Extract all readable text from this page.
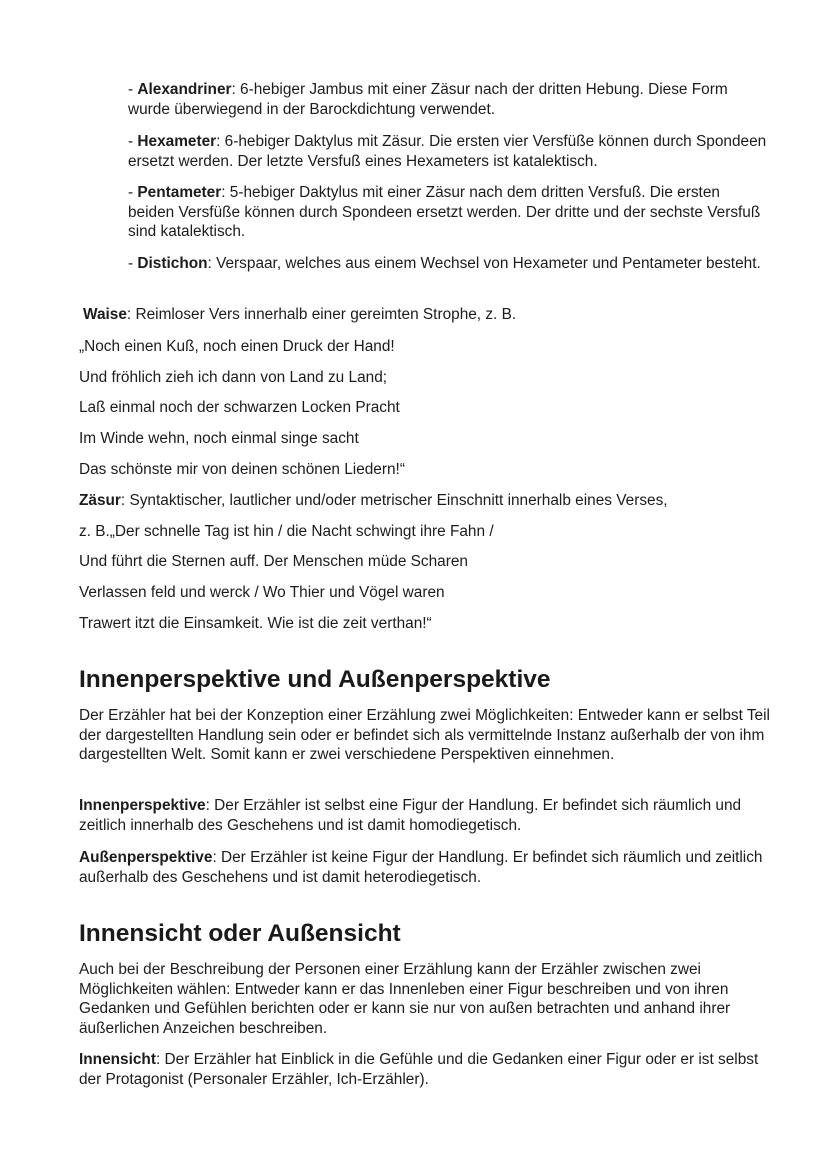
- Alexandriner: 6-hebiger Jambus mit einer Zäsur nach der dritten Hebung. Diese Form wurde überwiegend in der Barockdichtung verwendet.

- Hexameter: 6-hebiger Daktylus mit Zäsur. Die ersten vier Versfüße können durch Spondeen ersetzt werden. Der letzte Versfuß eines Hexameters ist katalektisch.

- Pentameter: 5-hebiger Daktylus mit einer Zäsur nach dem dritten Versfuß. Die ersten beiden Versfüße können durch Spondeen ersetzt werden. Der dritte und der sechste Versfuß sind katalektisch.

- Distichon: Verspaar, welches aus einem Wechsel von Hexameter und Pentameter besteht.

Waise: Reimloser Vers innerhalb einer gereimten Strophe, z. B.

„Noch einen Kuß, noch einen Druck der Hand!

Und fröhlich zieh ich dann von Land zu Land;

Laß einmal noch der schwarzen Locken Pracht

Im Winde wehn, noch einmal singe sacht

Das schönste mir von deinen schönen Liedern!“

Zäsur: Syntaktischer, lautlicher und/oder metrischer Einschnitt innerhalb eines Verses,

z. B.„Der schnelle Tag ist hin / die Nacht schwingt ihre Fahn /

Und führt die Sternen auff. Der Menschen müde Scharen

Verlassen feld und werck / Wo Thier und Vögel waren

Trawert itzt die Einsamkeit. Wie ist die zeit verthan!“

Innenperspektive und Außenperspektive

Der Erzähler hat bei der Konzeption einer Erzählung zwei Möglichkeiten: Entweder kann er selbst Teil der dargestellten Handlung sein oder er befindet sich als vermittelnde Instanz außerhalb der von ihm dargestellten Welt. Somit kann er zwei verschiedene Perspektiven einnehmen.

Innenperspektive: Der Erzähler ist selbst eine Figur der Handlung. Er befindet sich räumlich und zeitlich innerhalb des Geschehens und ist damit homodiegetisch.

Außenperspektive: Der Erzähler ist keine Figur der Handlung. Er befindet sich räumlich und zeitlich außerhalb des Geschehens und ist damit heterodiegetisch.

Innensicht oder Außensicht

Auch bei der Beschreibung der Personen einer Erzählung kann der Erzähler zwischen zwei Möglichkeiten wählen: Entweder kann er das Innenleben einer Figur beschreiben und von ihren Gedanken und Gefühlen berichten oder er kann sie nur von außen betrachten und anhand ihrer äußerlichen Anzeichen beschreiben.

Innensicht: Der Erzähler hat Einblick in die Gefühle und die Gedanken einer Figur oder er ist selbst der Protagonist (Personaler Erzähler, Ich-Erzähler).
